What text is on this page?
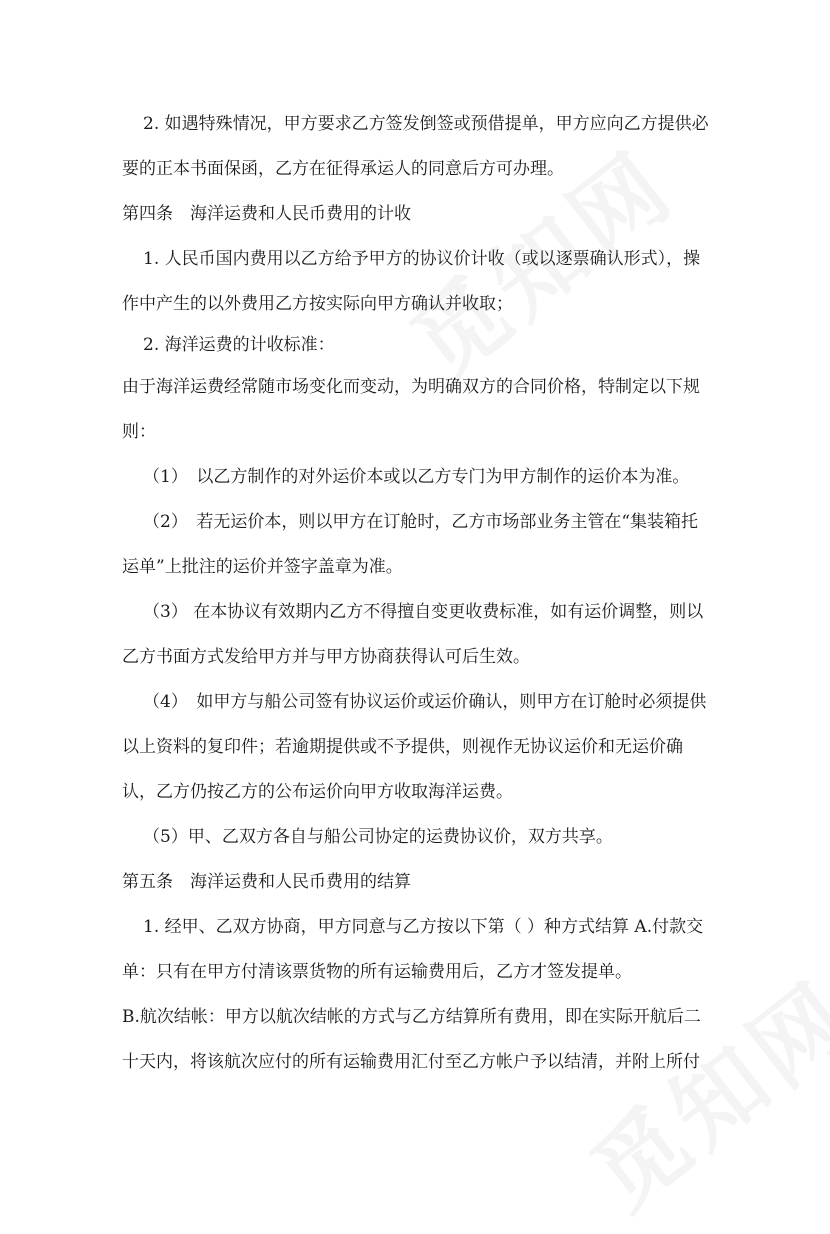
2. 如遇特殊情况，甲方要求乙方签发倒签或预借提单，甲方应向乙方提供必
要的正本书面保函，乙方在征得承运人的同意后方可办理。
第四条　海洋运费和人民币费用的计收
1. 人民币国内费用以乙方给予甲方的协议价计收（或以逐票确认形式），操
作中产生的以外费用乙方按实际向甲方确认并收取；
2. 海洋运费的计收标准：
由于海洋运费经常随市场变化而变动，为明确双方的合同价格，特制定以下规
则：
（1）　以乙方制作的对外运价本或以乙方专门为甲方制作的运价本为准。
（2）　若无运价本，则以甲方在订舱时，乙方市场部业务主管在“集装箱托
运单”上批注的运价并签字盖章为准。
（3） 在本协议有效期内乙方不得擅自变更收费标准，如有运价调整，则以
乙方书面方式发给甲方并与甲方协商获得认可后生效。
（4）　如甲方与船公司签有协议运价或运价确认，则甲方在订舱时必须提供
以上资料的复印件；若逾期提供或不予提供，则视作无协议运价和无运价确
认，乙方仍按乙方的公布运价向甲方收取海洋运费。
（5）甲、乙双方各自与船公司协定的运费协议价，双方共享。
第五条　海洋运费和人民币费用的结算
1. 经甲、乙双方协商，甲方同意与乙方按以下第（ ）种方式结算 A.付款交
单：只有在甲方付清该票货物的所有运输费用后，乙方才签发提单。
B.航次结帐：甲方以航次结帐的方式与乙方结算所有费用，即在实际开航后二
十天内，将该航次应付的所有运输费用汇付至乙方帐户予以结清，并附上所付
